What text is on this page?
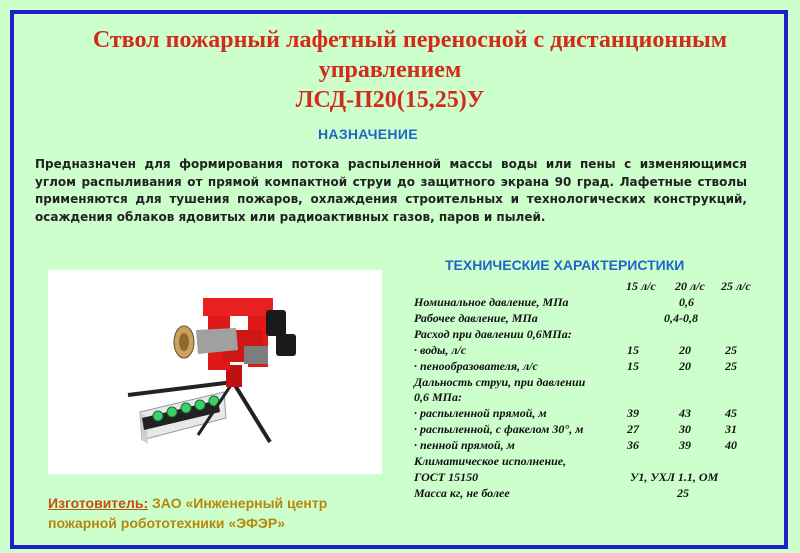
Ствол пожарный лафетный переносной с дистанционным
управлением
ЛСД-П20(15,25)У
НАЗНАЧЕНИЕ
Предназначен для формирования потока распыленной массы воды или пены с изменяющимся углом распыливания от прямой компактной струи до защитного экрана 90 град. Лафетные стволы применяются для тушения пожаров, охлаждения строительных и технологических конструкций, осаждения облаков ядовитых или радиоактивных газов, паров и пылей.
ТЕХНИЧЕСКИЕ ХАРАКТЕРИСТИКИ
15 л/с 20 л/с 25 л/с
Номинальное давление, МПа	0,6
Рабочее давление, МПа	0,4-0,8
Расход при давлении 0,6МПа:
· воды, л/с	15	20	25
· пенообразователя, л/с	15	20	25
Дальность струи, при давлении
0,6 МПа:
· распыленной прямой, м	39	43	45
· распыленной, с факелом 30°, м	27	30	31
· пенной прямой, м	36	39	40
Климатическое исполнение,
ГОСТ 15150	У1, УХЛ 1.1, ОМ
Масса кг, не более	25
Изготовитель: ЗАО «Инженерный центр
пожарной робототехники «ЭФЭР»
